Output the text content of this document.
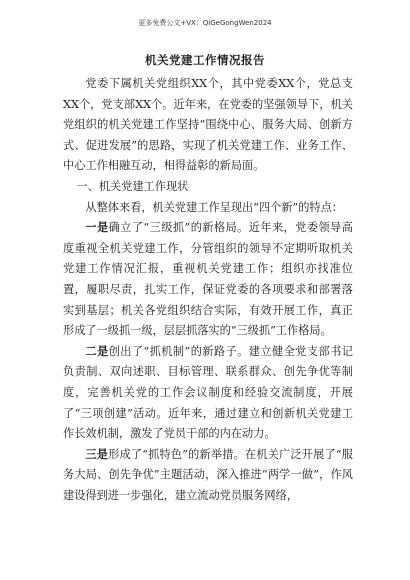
更多免费公文+VX：QiGeGongWen2024
机关党建工作情况报告

党委下属机关党组织XX个，其中党委XX个，党总支XX个，党支部XX个。近年来，在党委的坚强领导下，机关党组织的机关党建工作坚持“围绕中心、服务大局、创新方式、促进发展”的思路，实现了机关党建工作、业务工作、中心工作相融互动，相得益彰的新局面。

一、机关党建工作现状

从整体来看，机关党建工作呈现出“四个新”的特点：

一是确立了“三级抓”的新格局。近年来，党委领导高度重视全机关党建工作，分管组织的领导不定期听取机关党建工作情况汇报，重视机关党建工作；组织亦找准位置，履职尽责，扎实工作，保证党委的各项要求和部署落实到基层；机关各党组织结合实际，有效开展工作，真正形成了一级抓一级，层层抓落实的“三级抓”工作格局。

二是创出了“抓机制”的新路子。建立健全党支部书记负责制、双向述职、目标管理、联系群众、创先争优等制度，完善机关党的工作会议制度和经验交流制度，开展了“三项创建”活动。近年来，通过建立和创新机关党建工作长效机制，激发了党员干部的内在动力。

三是形成了“抓特色”的新举措。在机关广泛开展了“服务大局、创先争优”主题活动，深入推进“两学一做”，作风建设得到进一步强化，建立流动党员服务网络，
